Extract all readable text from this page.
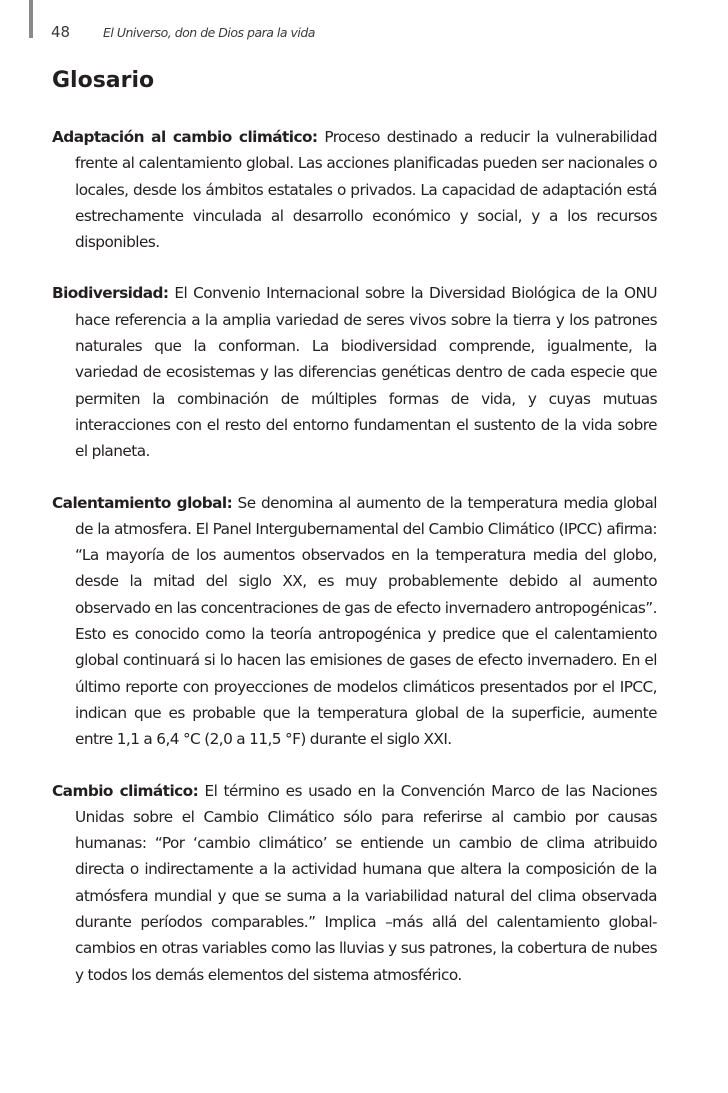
48	El Universo, don de Dios para la vida
Glosario

Adaptación al cambio climático: Proceso destinado a reducir la vulnerabilidad frente al calentamiento global. Las acciones planificadas pueden ser nacionales o locales, desde los ámbitos estatales o privados. La capacidad de adaptación está estrechamente vinculada al desarrollo económico y social, y a los recursos disponibles.

Biodiversidad: El Convenio Internacional sobre la Diversidad Biológica de la ONU hace referencia a la amplia variedad de seres vivos sobre la tierra y los patrones naturales que la conforman. La biodiversidad comprende, igualmente, la variedad de ecosistemas y las diferencias genéticas dentro de cada especie que permiten la combinación de múltiples formas de vida, y cuyas mutuas interacciones con el resto del entorno fundamentan el sustento de la vida sobre el planeta.

Calentamiento global: Se denomina al aumento de la temperatura media global de la atmosfera. El Panel Intergubernamental del Cambio Climático (IPCC) afirma: “La mayoría de los aumentos observados en la temperatura media del globo, desde la mitad del siglo XX, es muy probablemente debido al aumento observado en las concentraciones de gas de efecto invernadero antropogénicas”. Esto es conocido como la teoría antropogénica y predice que el calentamiento global continuará si lo hacen las emisiones de gases de efecto invernadero. En el último reporte con proyecciones de modelos climáticos presentados por el IPCC, indican que es probable que la temperatura global de la superficie, aumente entre 1,1 a 6,4 °C (2,0 a 11,5 °F) durante el siglo XXI.

Cambio climático: El término es usado en la Convención Marco de las Naciones Unidas sobre el Cambio Climático sólo para referirse al cambio por causas humanas: “Por ‘cambio climático’ se entiende un cambio de clima atribuido directa o indirectamente a la actividad humana que altera la composición de la atmósfera mundial y que se suma a la variabilidad natural del clima observada durante períodos comparables.” Implica –más allá del calentamiento global- cambios en otras variables como las lluvias y sus patrones, la cobertura de nubes y todos los demás elementos del sistema atmosférico.
